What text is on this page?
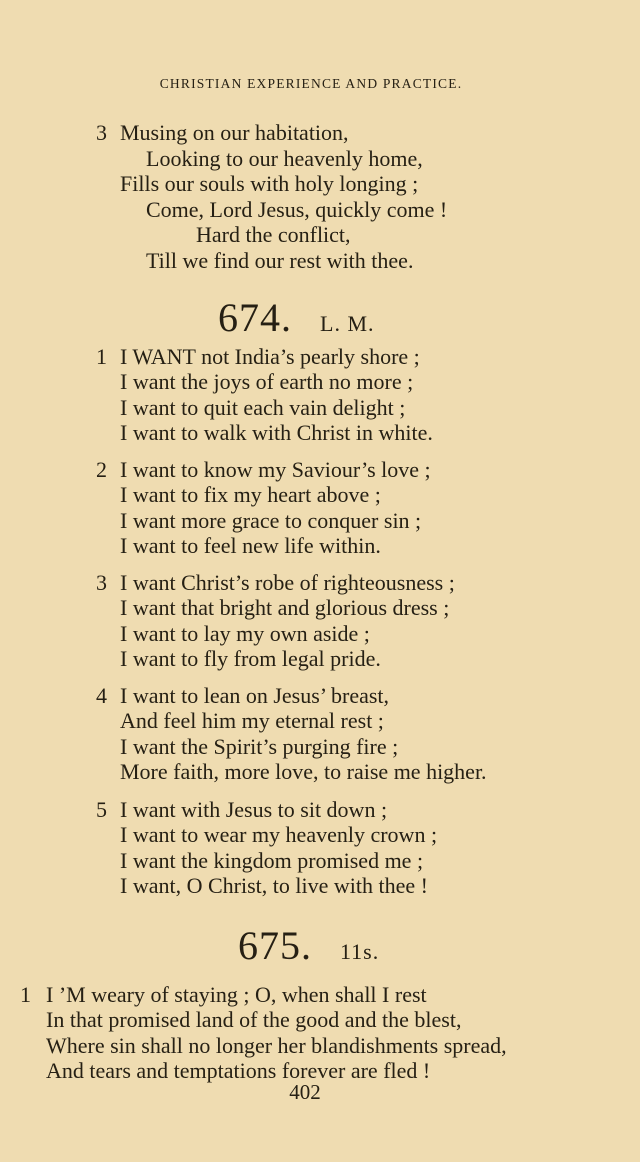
CHRISTIAN EXPERIENCE AND PRACTICE.
3 Musing on our habitation,
Looking to our heavenly home,
Fills our souls with holy longing ;
Come, Lord Jesus, quickly come !
Hard the conflict,
Till we find our rest with thee.
674. L. M.
1 I WANT not India’s pearly shore ;
I want the joys of earth no more ;
I want to quit each vain delight ;
I want to walk with Christ in white.
2 I want to know my Saviour’s love ;
I want to fix my heart above ;
I want more grace to conquer sin ;
I want to feel new life within.
3 I want Christ’s robe of righteousness ;
I want that bright and glorious dress ;
I want to lay my own aside ;
I want to fly from legal pride.
4 I want to lean on Jesus’ breast,
And feel him my eternal rest ;
I want the Spirit’s purging fire ;
More faith, more love, to raise me higher.
5 I want with Jesus to sit down ;
I want to wear my heavenly crown ;
I want the kingdom promised me ;
I want, O Christ, to live with thee !
675. 11s.
1 I ’M weary of staying ; O, when shall I rest
In that promised land of the good and the blest,
Where sin shall no longer her blandishments spread,
And tears and temptations forever are fled !
402
